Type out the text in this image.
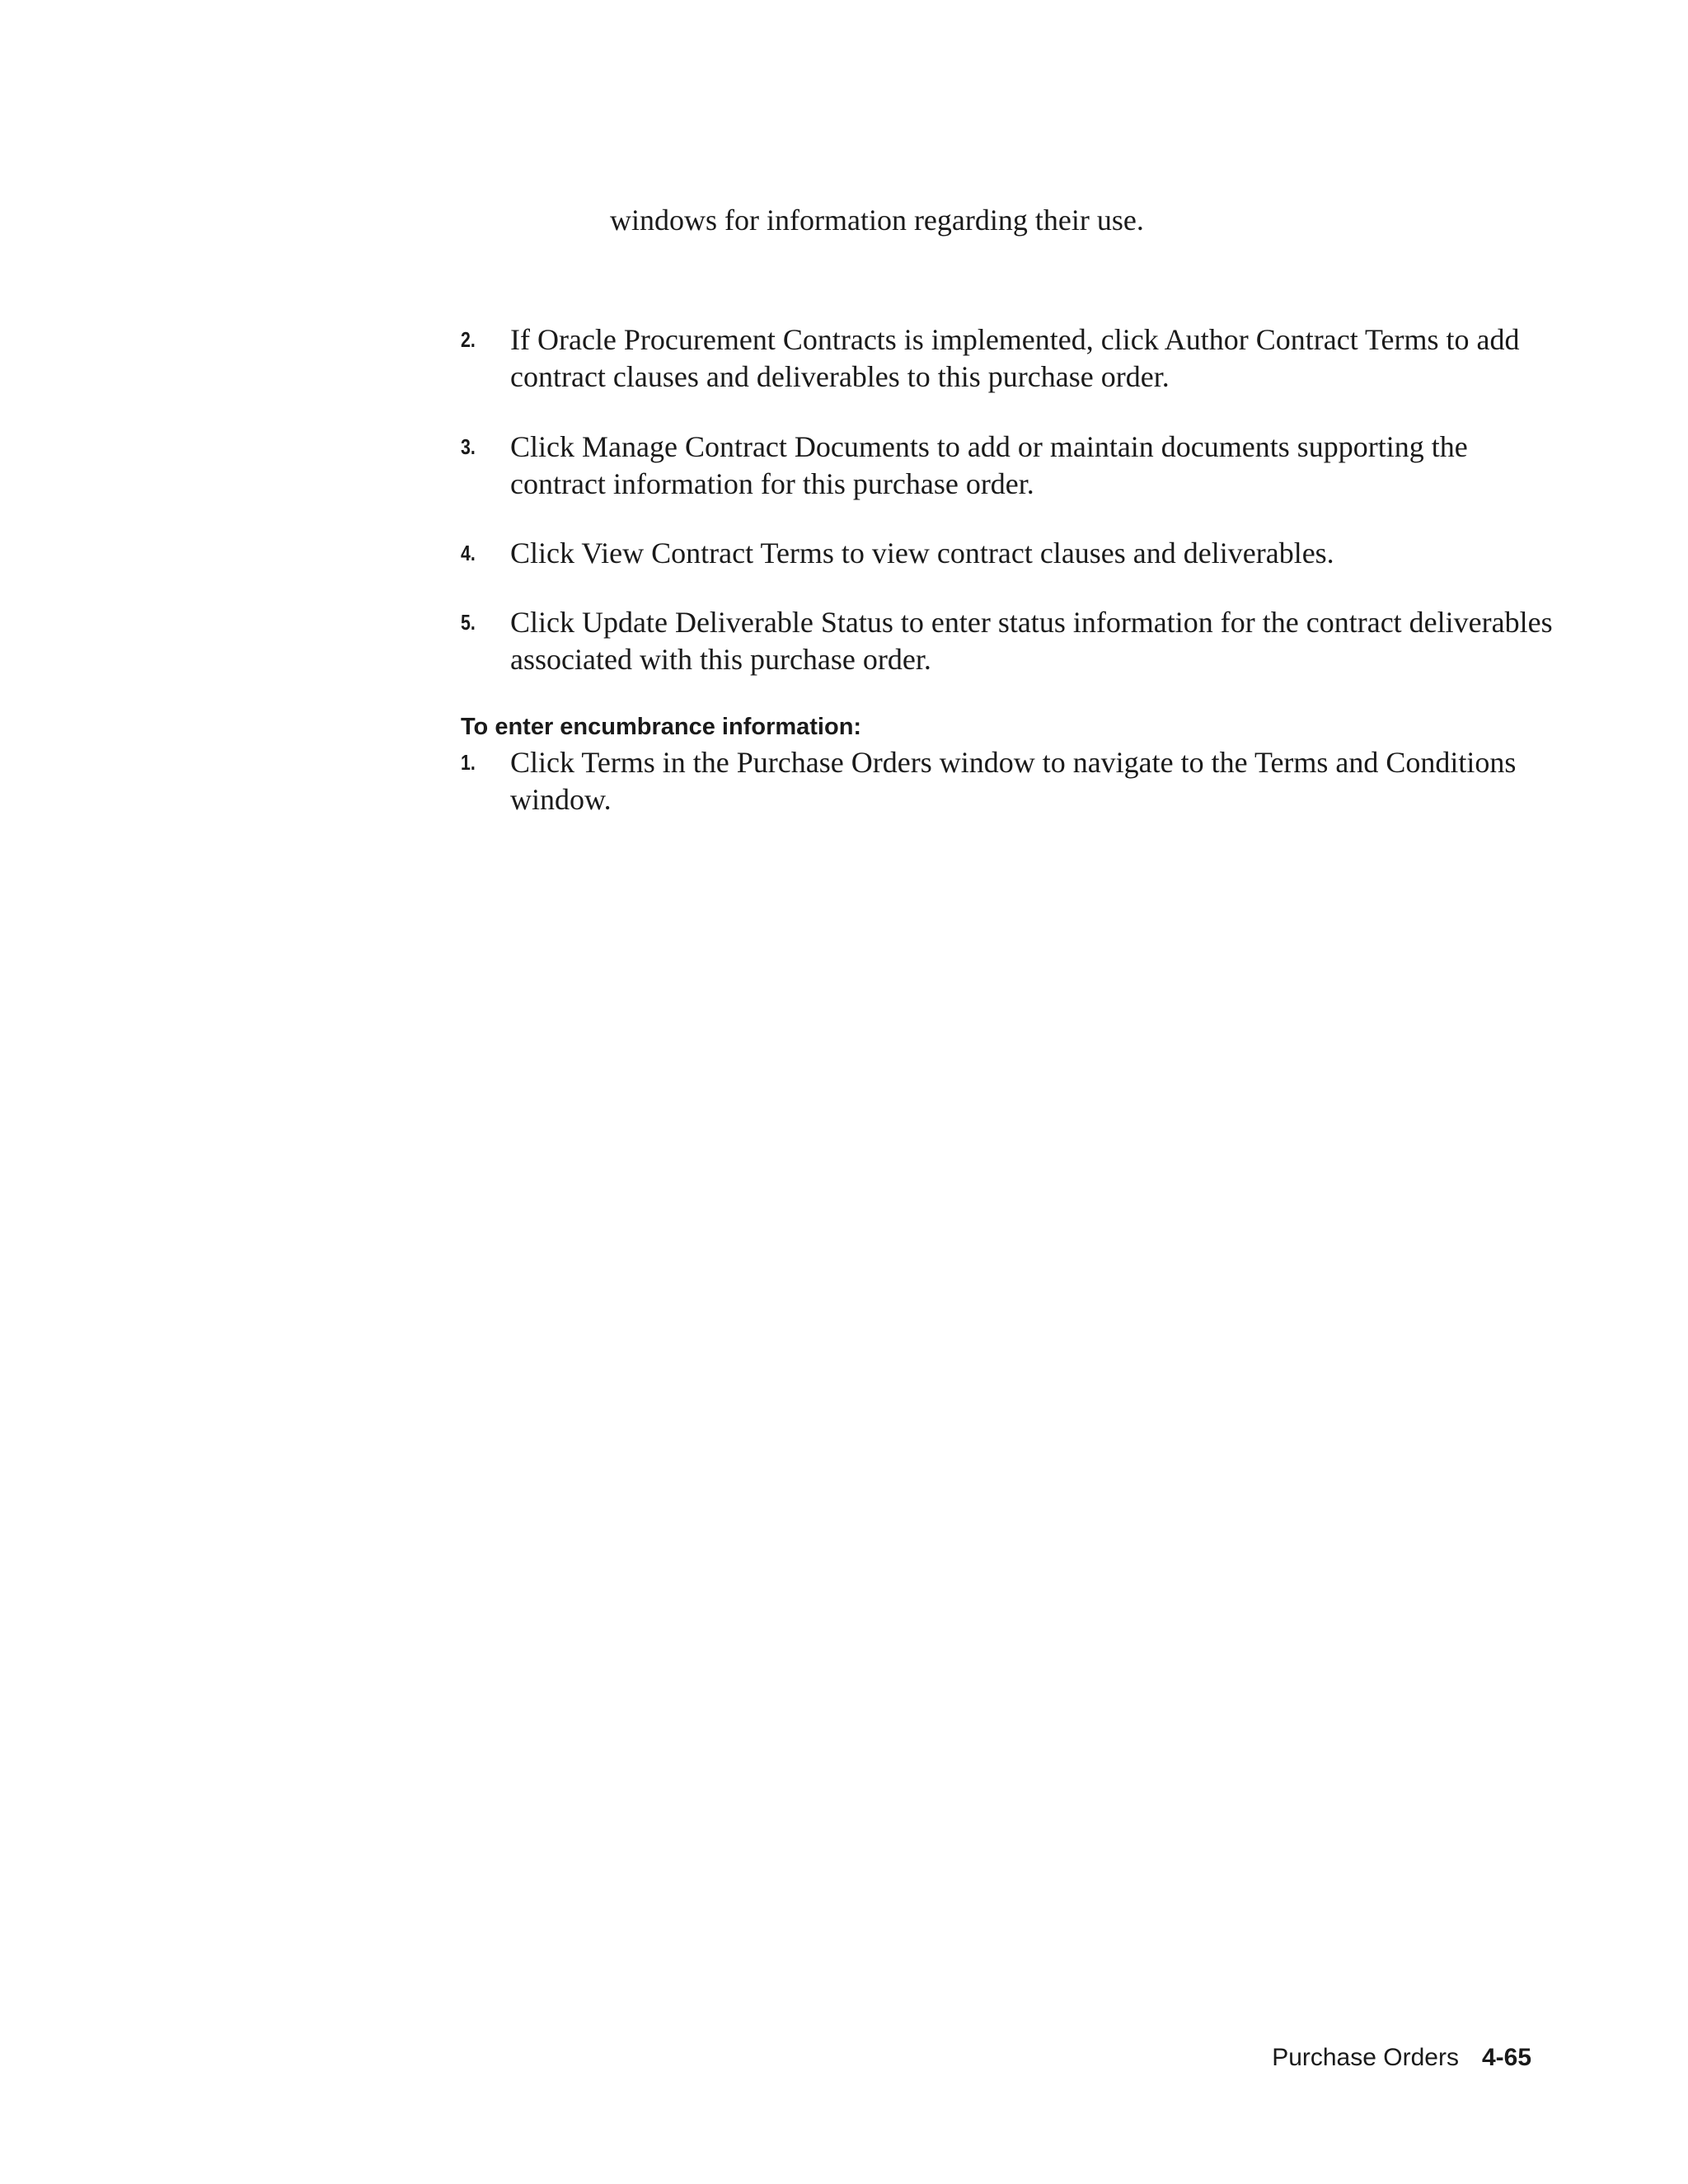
windows for information regarding their use.

2. If Oracle Procurement Contracts is implemented, click Author Contract Terms to add contract clauses and deliverables to this purchase order.
3. Click Manage Contract Documents to add or maintain documents supporting the contract information for this purchase order.
4. Click View Contract Terms to view contract clauses and deliverables.
5. Click Update Deliverable Status to enter status information for the contract deliverables associated with this purchase order.
To enter encumbrance information:
1. Click Terms in the Purchase Orders window to navigate to the Terms and Conditions window.
Purchase Orders 4-65
